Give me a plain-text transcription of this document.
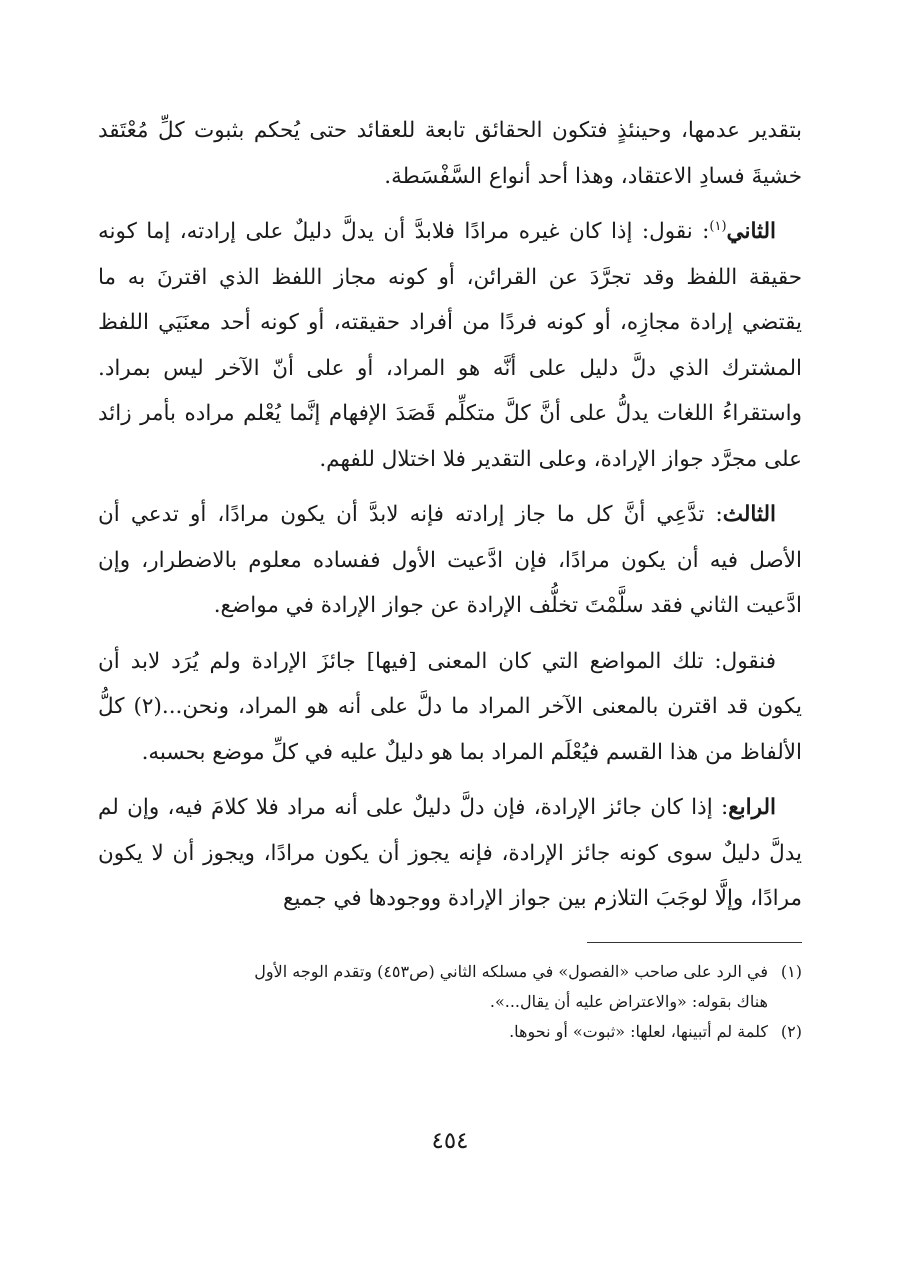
بتقدير عدمها، وحينئذٍ فتكون الحقائق تابعة للعقائد حتى يُحكم بثبوت كلِّ مُعْتَقد خشيةَ فسادِ الاعتقاد، وهذا أحد أنواع السَّفْسَطة.

الثاني$^{(١)}$: نقول: إذا كان غيره مرادًا فلابدَّ أن يدلَّ دليلٌ على إرادته، إما كونه حقيقة اللفظ وقد تجرَّدَ عن القرائن، أو كونه مجاز اللفظ الذي اقترنَ به ما يقتضي إرادة مجازِه، أو كونه فردًا من أفراد حقيقته، أو كونه أحد معنَيَي اللفظ المشترك الذي دلَّ دليل على أنَّه هو المراد، أو على أنّ الآخر ليس بمراد. واستقراءُ اللغات يدلُّ على أنَّ كلَّ متكلِّم قَصَدَ الإفهام إنَّما يُعْلم مراده بأمر زائد على مجرَّد جواز الإرادة، وعلى التقدير فلا اختلال للفهم.

الثالث: تدَّعِي أنَّ كل ما جاز إرادته فإنه لابدَّ أن يكون مرادًا، أو تدعي أن الأصل فيه أن يكون مرادًا، فإن ادَّعيت الأول ففساده معلوم بالاضطرار، وإن ادَّعيت الثاني فقد سلَّمْتَ تخلُّف الإرادة عن جواز الإرادة في مواضع.

فنقول: تلك المواضع التي كان المعنى [فيها] جائزَ الإرادة ولم يُرَد لابد أن يكون قد اقترن بالمعنى الآخر المراد ما دلَّ على أنه هو المراد، ونحن...(٢) كلُّ الألفاظ من هذا القسم فيُعْلَم المراد بما هو دليلٌ عليه في كلِّ موضع بحسبه.

الرابع: إذا كان جائز الإرادة، فإن دلَّ دليلٌ على أنه مراد فلا كلامَ فيه، وإن لم يدلَّ دليلٌ سوى كونه جائز الإرادة، فإنه يجوز أن يكون مرادًا، ويجوز أن لا يكون مرادًا، وإلَّا لوجَبَ التلازم بين جواز الإرادة ووجودها في جميع

(١)في الرد على صاحب «الفصول» في مسلكه الثاني (ص٤٥٣) وتقدم الوجه الأول

هناك بقوله: «والاعتراض عليه أن يقال...».

(٢)كلمة لم أتبينها، لعلها: «ثبوت» أو نحوها.

٤٥٤
